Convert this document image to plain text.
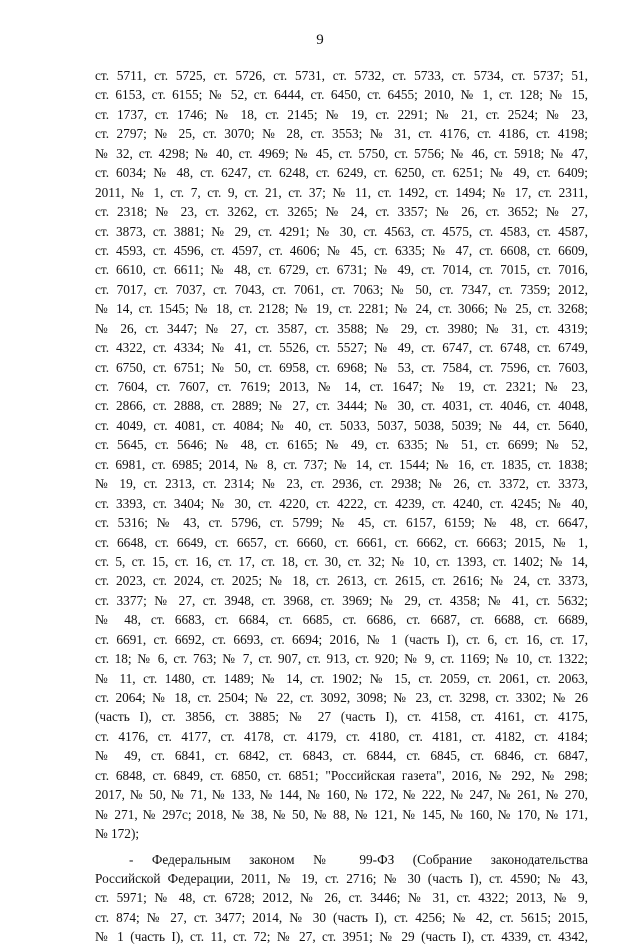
9
ст. 5711, ст. 5725, ст. 5726, ст. 5731, ст. 5732, ст. 5733, ст. 5734, ст. 5737; 51,
ст. 6153, ст. 6155; № 52, ст. 6444, ст. 6450, ст. 6455; 2010, № 1, ст. 128; № 15,
ст. 1737, ст. 1746; № 18, ст. 2145; № 19, ст. 2291; № 21, ст. 2524; № 23,
ст. 2797; № 25, ст. 3070; № 28, ст. 3553; № 31, ст. 4176, ст. 4186, ст. 4198;
№ 32, ст. 4298; № 40, ст. 4969; № 45, ст. 5750, ст. 5756; № 46, ст. 5918; № 47,
ст. 6034; № 48, ст. 6247, ст. 6248, ст. 6249, ст. 6250, ст. 6251; № 49, ст. 6409;
2011, № 1, ст. 7, ст. 9, ст. 21, ст. 37; № 11, ст. 1492, ст. 1494; № 17, ст. 2311,
ст. 2318; № 23, ст. 3262, ст. 3265; № 24, ст. 3357; № 26, ст. 3652; № 27,
ст. 3873, ст. 3881; № 29, ст. 4291; № 30, ст. 4563, ст. 4575, ст. 4583, ст. 4587,
ст. 4593, ст. 4596, ст. 4597, ст. 4606; № 45, ст. 6335; № 47, ст. 6608, ст. 6609,
ст. 6610, ст. 6611; № 48, ст. 6729, ст. 6731; № 49, ст. 7014, ст. 7015, ст. 7016,
ст. 7017, ст. 7037, ст. 7043, ст. 7061, ст. 7063; № 50, ст. 7347, ст. 7359; 2012,
№ 14, ст. 1545; № 18, ст. 2128; № 19, ст. 2281; № 24, ст. 3066; № 25, ст. 3268;
№ 26, ст. 3447; № 27, ст. 3587, ст. 3588; № 29, ст. 3980; № 31, ст. 4319;
ст. 4322, ст. 4334; № 41, ст. 5526, ст. 5527; № 49, ст. 6747, ст. 6748, ст. 6749,
ст. 6750, ст. 6751; № 50, ст. 6958, ст. 6968; № 53, ст. 7584, ст. 7596, ст. 7603,
ст. 7604, ст. 7607, ст. 7619; 2013, № 14, ст. 1647; № 19, ст. 2321; № 23,
ст. 2866, ст. 2888, ст. 2889; № 27, ст. 3444; № 30, ст. 4031, ст. 4046, ст. 4048,
ст. 4049, ст. 4081, ст. 4084; № 40, ст. 5033, 5037, 5038, 5039; № 44, ст. 5640,
ст. 5645, ст. 5646; № 48, ст. 6165; № 49, ст. 6335; № 51, ст. 6699; № 52,
ст. 6981, ст. 6985; 2014, № 8, ст. 737; № 14, ст. 1544; № 16, ст. 1835, ст. 1838;
№ 19, ст. 2313, ст. 2314; № 23, ст. 2936, ст. 2938; № 26, ст. 3372, ст. 3373,
ст. 3393, ст. 3404; № 30, ст. 4220, ст. 4222, ст. 4239, ст. 4240, ст. 4245; № 40,
ст. 5316; № 43, ст. 5796, ст. 5799; № 45, ст. 6157, 6159; № 48, ст. 6647,
ст. 6648, ст. 6649, ст. 6657, ст. 6660, ст. 6661, ст. 6662, ст. 6663; 2015, № 1,
ст. 5, ст. 15, ст. 16, ст. 17, ст. 18, ст. 30, ст. 32; № 10, ст. 1393, ст. 1402; № 14,
ст. 2023, ст. 2024, ст. 2025; № 18, ст. 2613, ст. 2615, ст. 2616; № 24, ст. 3373,
ст. 3377; № 27, ст. 3948, ст. 3968, ст. 3969; № 29, ст. 4358; № 41, ст. 5632;
№ 48, ст. 6683, ст. 6684, ст. 6685, ст. 6686, ст. 6687, ст. 6688, ст. 6689,
ст. 6691, ст. 6692, ст. 6693, ст. 6694; 2016, № 1 (часть I), ст. 6, ст. 16, ст. 17,
ст. 18; № 6, ст. 763; № 7, ст. 907, ст. 913, ст. 920; № 9, ст. 1169; № 10, ст. 1322;
№ 11, ст. 1480, ст. 1489; № 14, ст. 1902; № 15, ст. 2059, ст. 2061, ст. 2063,
ст. 2064; № 18, ст. 2504; № 22, ст. 3092, 3098; № 23, ст. 3298, ст. 3302; № 26
(часть I), ст. 3856, ст. 3885; № 27 (часть I), ст. 4158, ст. 4161, ст. 4175,
ст. 4176, ст. 4177, ст. 4178, ст. 4179, ст. 4180, ст. 4181, ст. 4182, ст. 4184;
№ 49, ст. 6841, ст. 6842, ст. 6843, ст. 6844, ст. 6845, ст. 6846, ст. 6847,
ст. 6848, ст. 6849, ст. 6850, ст. 6851; "Российская газета", 2016, № 292, № 298;
2017, № 50, № 71, № 133, № 144, № 160, № 172, № 222, № 247, № 261, № 270,
№ 271, № 297с; 2018, № 38, № 50, № 88, № 121, № 145, № 160, № 170, № 171,
№ 172);
- Федеральным законом № 99-ФЗ (Собрание законодательства
Российской Федерации, 2011, № 19, ст. 2716; № 30 (часть I), ст. 4590; № 43,
ст. 5971; № 48, ст. 6728; 2012, № 26, ст. 3446; № 31, ст. 4322; 2013, № 9,
ст. 874; № 27, ст. 3477; 2014, № 30 (часть I), ст. 4256; № 42, ст. 5615; 2015,
№ 1 (часть I), ст. 11, ст. 72; № 27, ст. 3951; № 29 (часть I), ст. 4339, ст. 4342,
